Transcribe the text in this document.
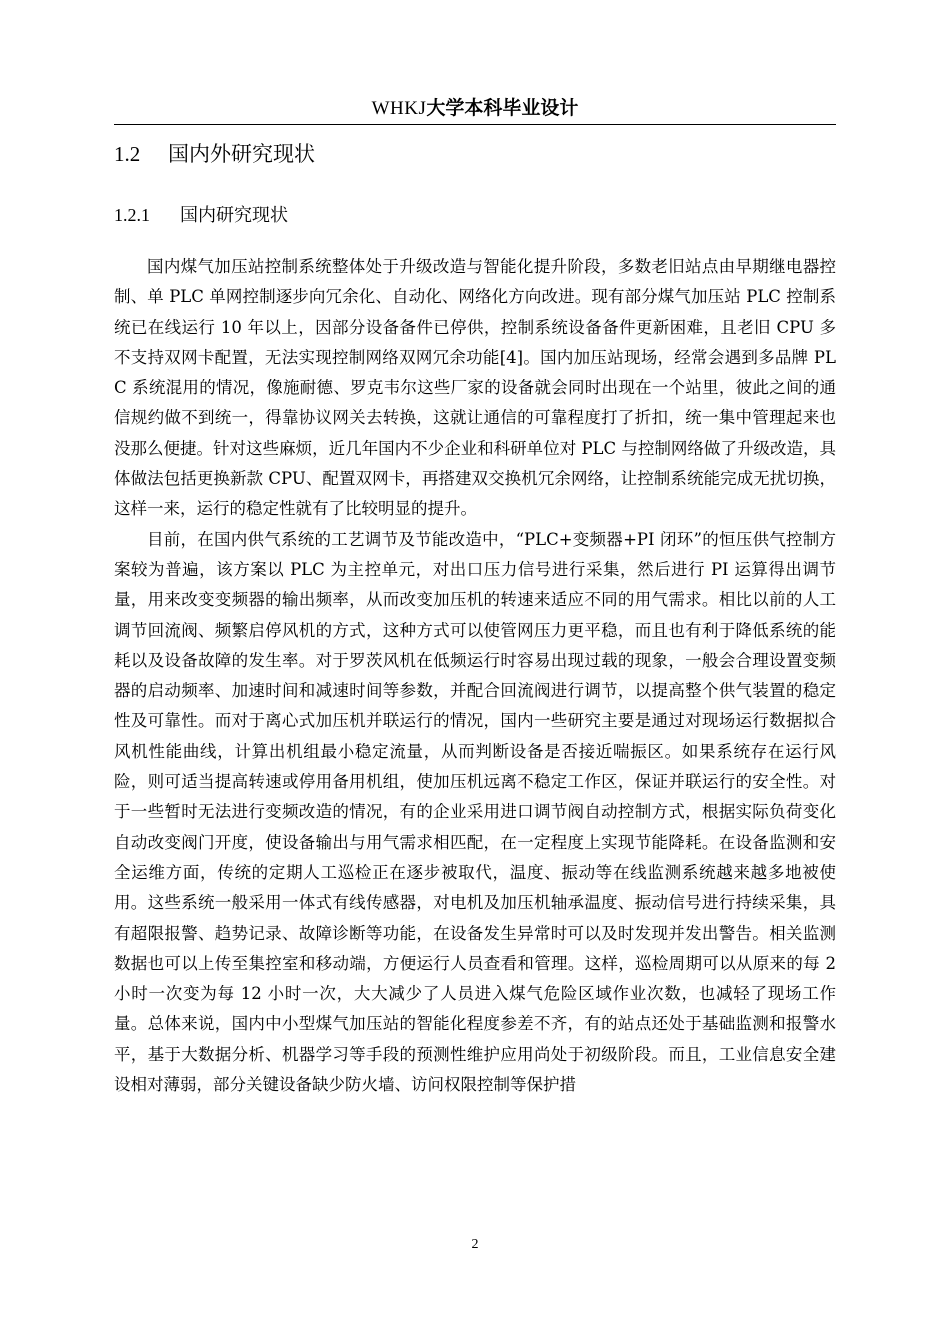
WHKJ大学本科毕业设计
1.2 国内外研究现状
1.2.1 国内研究现状

国内煤气加压站控制系统整体处于升级改造与智能化提升阶段，多数老旧站点由早期继电器控制、单 PLC 单网控制逐步向冗余化、自动化、网络化方向改进。现有部分煤气加压站 PLC 控制系统已在线运行 10 年以上，因部分设备备件已停供，控制系统设备备件更新困难，且老旧 CPU 多不支持双网卡配置，无法实现控制网络双网冗余功能[4]。国内加压站现场，经常会遇到多品牌 PLC 系统混用的情况，像施耐德、罗克韦尔这些厂家的设备就会同时出现在一个站里，彼此之间的通信规约做不到统一，得靠协议网关去转换，这就让通信的可靠程度打了折扣，统一集中管理起来也没那么便捷。针对这些麻烦，近几年国内不少企业和科研单位对 PLC 与控制网络做了升级改造，具体做法包括更换新款 CPU、配置双网卡，再搭建双交换机冗余网络，让控制系统能完成无扰切换，这样一来，运行的稳定性就有了比较明显的提升。

目前，在国内供气系统的工艺调节及节能改造中，“PLC+变频器+PI 闭环”的恒压供气控制方案较为普遍，该方案以 PLC 为主控单元，对出口压力信号进行采集，然后进行 PI 运算得出调节量，用来改变变频器的输出频率，从而改变加压机的转速来适应不同的用气需求。相比以前的人工调节回流阀、频繁启停风机的方式，这种方式可以使管网压力更平稳，而且也有利于降低系统的能耗以及设备故障的发生率。对于罗茨风机在低频运行时容易出现过载的现象，一般会合理设置变频器的启动频率、加速时间和减速时间等参数，并配合回流阀进行调节，以提高整个供气装置的稳定性及可靠性。而对于离心式加压机并联运行的情况，国内一些研究主要是通过对现场运行数据拟合风机性能曲线，计算出机组最小稳定流量，从而判断设备是否接近喘振区。如果系统存在运行风险，则可适当提高转速或停用备用机组，使加压机远离不稳定工作区，保证并联运行的安全性。对于一些暂时无法进行变频改造的情况，有的企业采用进口调节阀自动控制方式，根据实际负荷变化自动改变阀门开度，使设备输出与用气需求相匹配，在一定程度上实现节能降耗。在设备监测和安全运维方面，传统的定期人工巡检正在逐步被取代，温度、振动等在线监测系统越来越多地被使用。这些系统一般采用一体式有线传感器，对电机及加压机轴承温度、振动信号进行持续采集，具有超限报警、趋势记录、故障诊断等功能，在设备发生异常时可以及时发现并发出警告。相关监测数据也可以上传至集控室和移动端，方便运行人员查看和管理。这样，巡检周期可以从原来的每 2 小时一次变为每 12 小时一次，大大减少了人员进入煤气危险区域作业次数，也减轻了现场工作量。总体来说，国内中小型煤气加压站的智能化程度参差不齐，有的站点还处于基础监测和报警水平，基于大数据分析、机器学习等手段的预测性维护应用尚处于初级阶段。而且，工业信息安全建设相对薄弱，部分关键设备缺少防火墙、访问权限控制等保护措

2
